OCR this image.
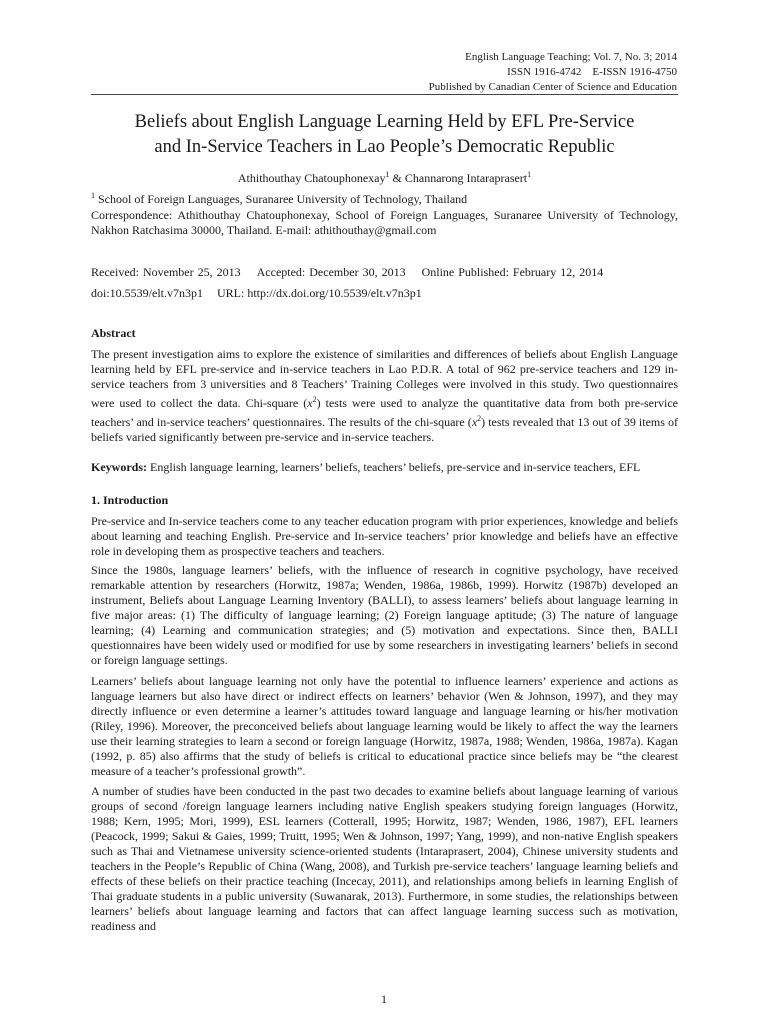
English Language Teaching; Vol. 7, No. 3; 2014
ISSN 1916-4742    E-ISSN 1916-4750
Published by Canadian Center of Science and Education
Beliefs about English Language Learning Held by EFL Pre-Service
and In-Service Teachers in Lao People’s Democratic Republic
Athithouthay Chatouphonexay$^1$ & Channarong Intaraprasert$^1$
$^1$ School of Foreign Languages, Suranaree University of Technology, Thailand
Correspondence: Athithouthay Chatouphonexay, School of Foreign Languages, Suranaree University of Technology, Nakhon Ratchasima 30000, Thailand. E-mail: athithouthay@gmail.com
Received: November 25, 2013 Accepted: December 30, 2013 Online Published: February 12, 2014
doi:10.5539/elt.v7n3p1 URL: http://dx.doi.org/10.5539/elt.v7n3p1
Abstract
The present investigation aims to explore the existence of similarities and differences of beliefs about English Language learning held by EFL pre-service and in-service teachers in Lao P.D.R. A total of 962 pre-service teachers and 129 in-service teachers from 3 universities and 8 Teachers’ Training Colleges were involved in this study. Two questionnaires were used to collect the data. Chi-square $(x^2)$ tests were used to analyze the quantitative data from both pre-service teachers’ and in-service teachers’ questionnaires. The results of the chi-square $(x^2)$ tests revealed that 13 out of 39 items of beliefs varied significantly between pre-service and in-service teachers.
Keywords: English language learning, learners’ beliefs, teachers’ beliefs, pre-service and in-service teachers, EFL
1. Introduction
Pre-service and In-service teachers come to any teacher education program with prior experiences, knowledge and beliefs about learning and teaching English. Pre-service and In-service teachers’ prior knowledge and beliefs have an effective role in developing them as prospective teachers and teachers.
Since the 1980s, language learners’ beliefs, with the influence of research in cognitive psychology, have received remarkable attention by researchers (Horwitz, 1987a; Wenden, 1986a, 1986b, 1999). Horwitz (1987b) developed an instrument, Beliefs about Language Learning Inventory (BALLI), to assess learners’ beliefs about language learning in five major areas: (1) The difficulty of language learning; (2) Foreign language aptitude; (3) The nature of language learning; (4) Learning and communication strategies; and (5) motivation and expectations. Since then, BALLI questionnaires have been widely used or modified for use by some researchers in investigating learners’ beliefs in second or foreign language settings.
Learners’ beliefs about language learning not only have the potential to influence learners’ experience and actions as language learners but also have direct or indirect effects on learners’ behavior (Wen & Johnson, 1997), and they may directly influence or even determine a learner’s attitudes toward language and language learning or his/her motivation (Riley, 1996). Moreover, the preconceived beliefs about language learning would be likely to affect the way the learners use their learning strategies to learn a second or foreign language (Horwitz, 1987a, 1988; Wenden, 1986a, 1987a). Kagan (1992, p. 85) also affirms that the study of beliefs is critical to educational practice since beliefs may be “the clearest measure of a teacher’s professional growth”.
A number of studies have been conducted in the past two decades to examine beliefs about language learning of various groups of second /foreign language learners including native English speakers studying foreign languages (Horwitz, 1988; Kern, 1995; Mori, 1999), ESL learners (Cotterall, 1995; Horwitz, 1987; Wenden, 1986, 1987), EFL learners (Peacock, 1999; Sakui & Gaies, 1999; Truitt, 1995; Wen & Johnson, 1997; Yang, 1999), and non-native English speakers such as Thai and Vietnamese university science-oriented students (Intaraprasert, 2004), Chinese university students and teachers in the People’s Republic of China (Wang, 2008), and Turkish pre-service teachers’ language learning beliefs and effects of these beliefs on their practice teaching (Incecay, 2011), and relationships among beliefs in learning English of Thai graduate students in a public university (Suwanarak, 2013). Furthermore, in some studies, the relationships between learners’ beliefs about language learning and factors that can affect language learning success such as motivation, readiness and
1
